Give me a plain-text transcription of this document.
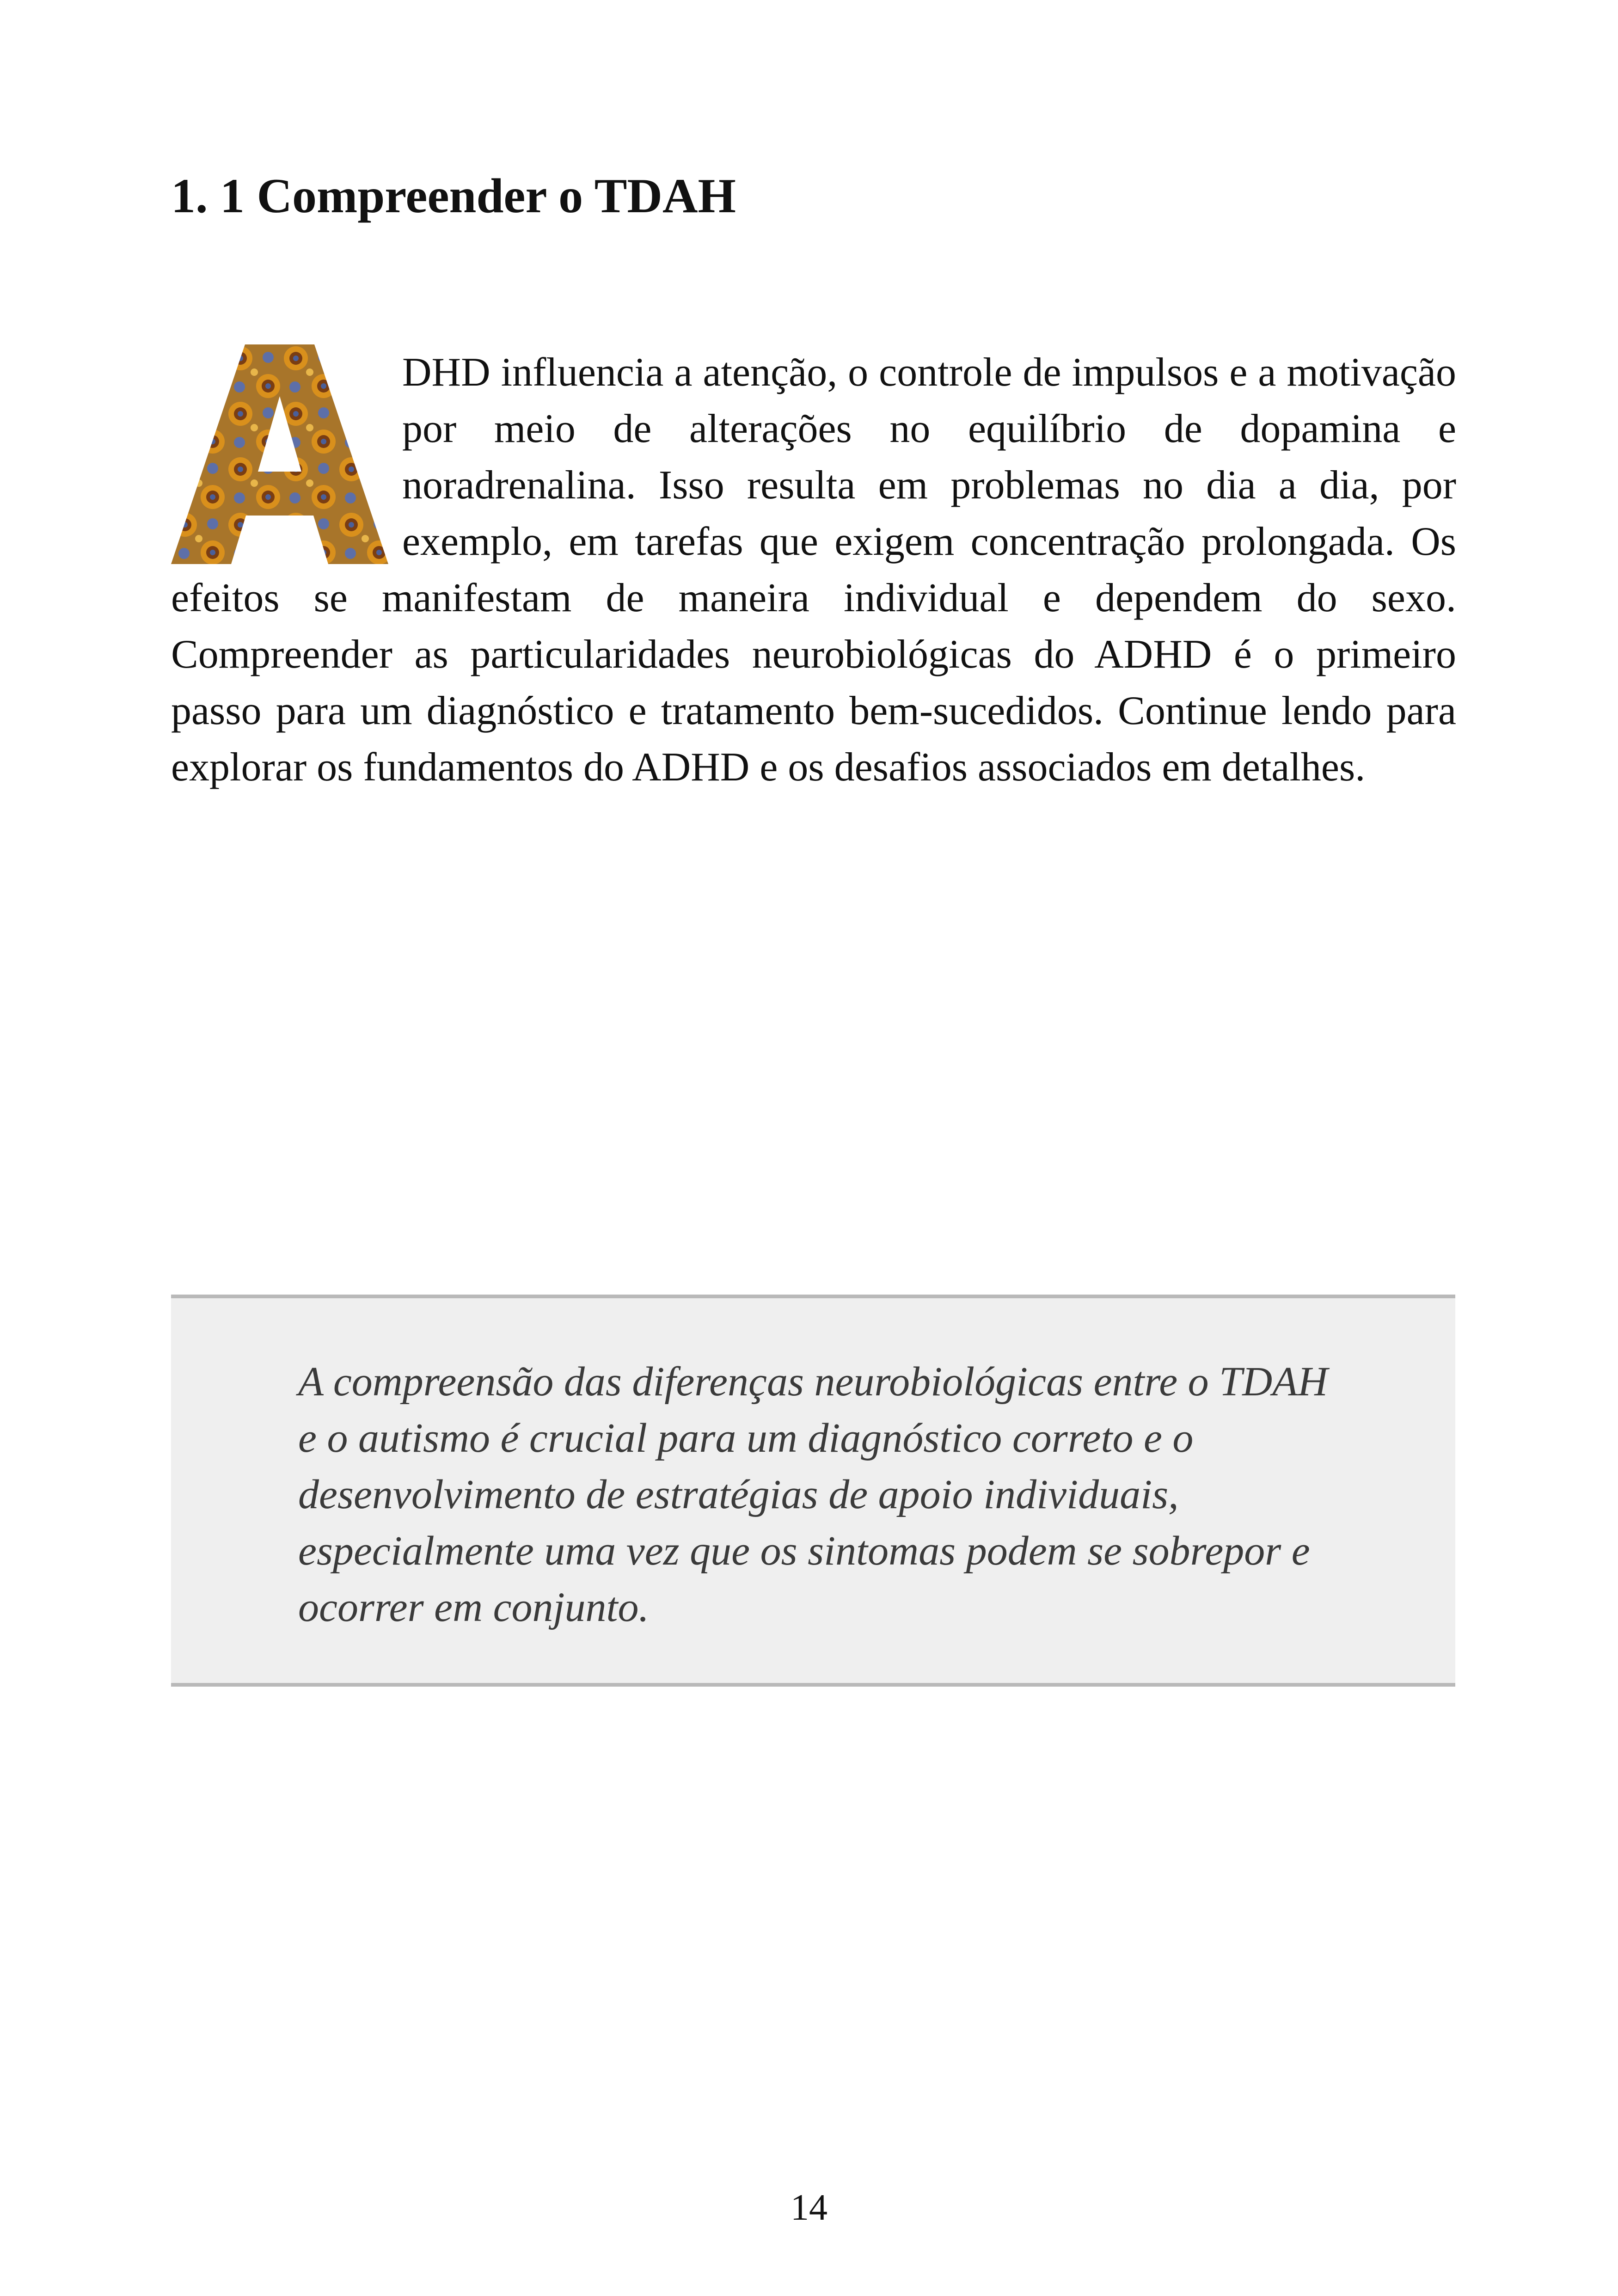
1. 1 Compreender o TDAH
DHD influencia a atenção, o controle de impulsos e a motivação por meio de alterações no equilíbrio de dopamina e noradrenalina. Isso resulta em problemas no dia a dia, por exemplo, em tarefas que exigem concentração prolongada. Os efeitos se manifestam de maneira individual e dependem do sexo. Compreender as particularidades neurobiológicas do ADHD é o primeiro passo para um diagnóstico e tratamento bem-sucedidos. Continue lendo para explorar os fundamentos do ADHD e os desafios associados em detalhes.

A compreensão das diferenças neurobiológicas entre o TDAH e o autismo é crucial para um diagnóstico correto e o desenvolvimento de estratégias de apoio individuais, especialmente uma vez que os sintomas podem se sobrepor e ocorrer em conjunto.

14
